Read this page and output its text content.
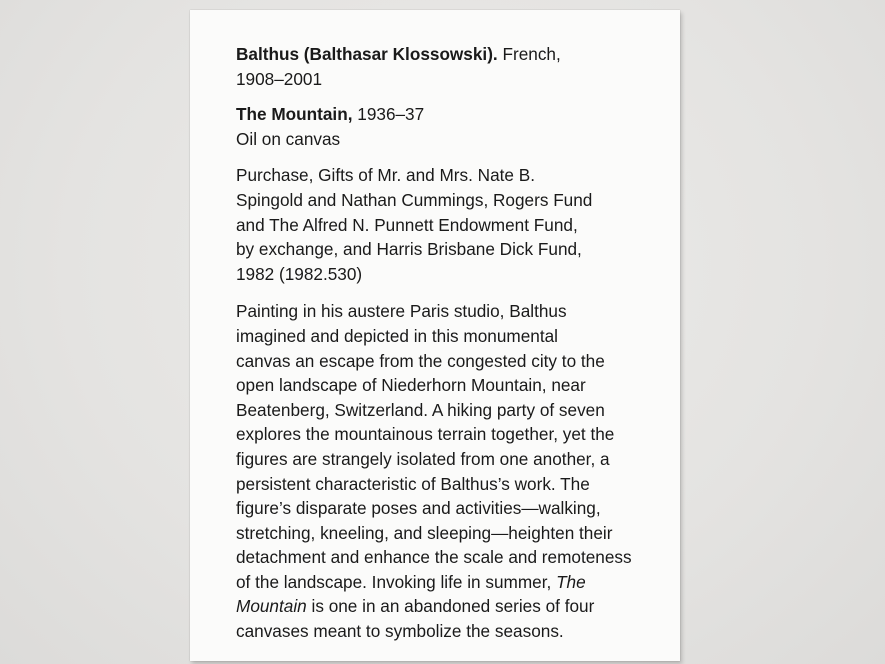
Balthus (Balthasar Klossowski). French,
1908–2001
The Mountain, 1936–37
Oil on canvas
Purchase, Gifts of Mr. and Mrs. Nate B.
Spingold and Nathan Cummings, Rogers Fund
and The Alfred N. Punnett Endowment Fund,
by exchange, and Harris Brisbane Dick Fund,
1982 (1982.530)
Painting in his austere Paris studio, Balthus
imagined and depicted in this monumental
canvas an escape from the congested city to the
open landscape of Niederhorn Mountain, near
Beatenberg, Switzerland. A hiking party of seven
explores the mountainous terrain together, yet the
figures are strangely isolated from one another, a
persistent characteristic of Balthus’s work. The
figure’s disparate poses and activities—walking,
stretching, kneeling, and sleeping—heighten their
detachment and enhance the scale and remoteness
of the landscape. Invoking life in summer, The
Mountain is one in an abandoned series of four
canvases meant to symbolize the seasons.
